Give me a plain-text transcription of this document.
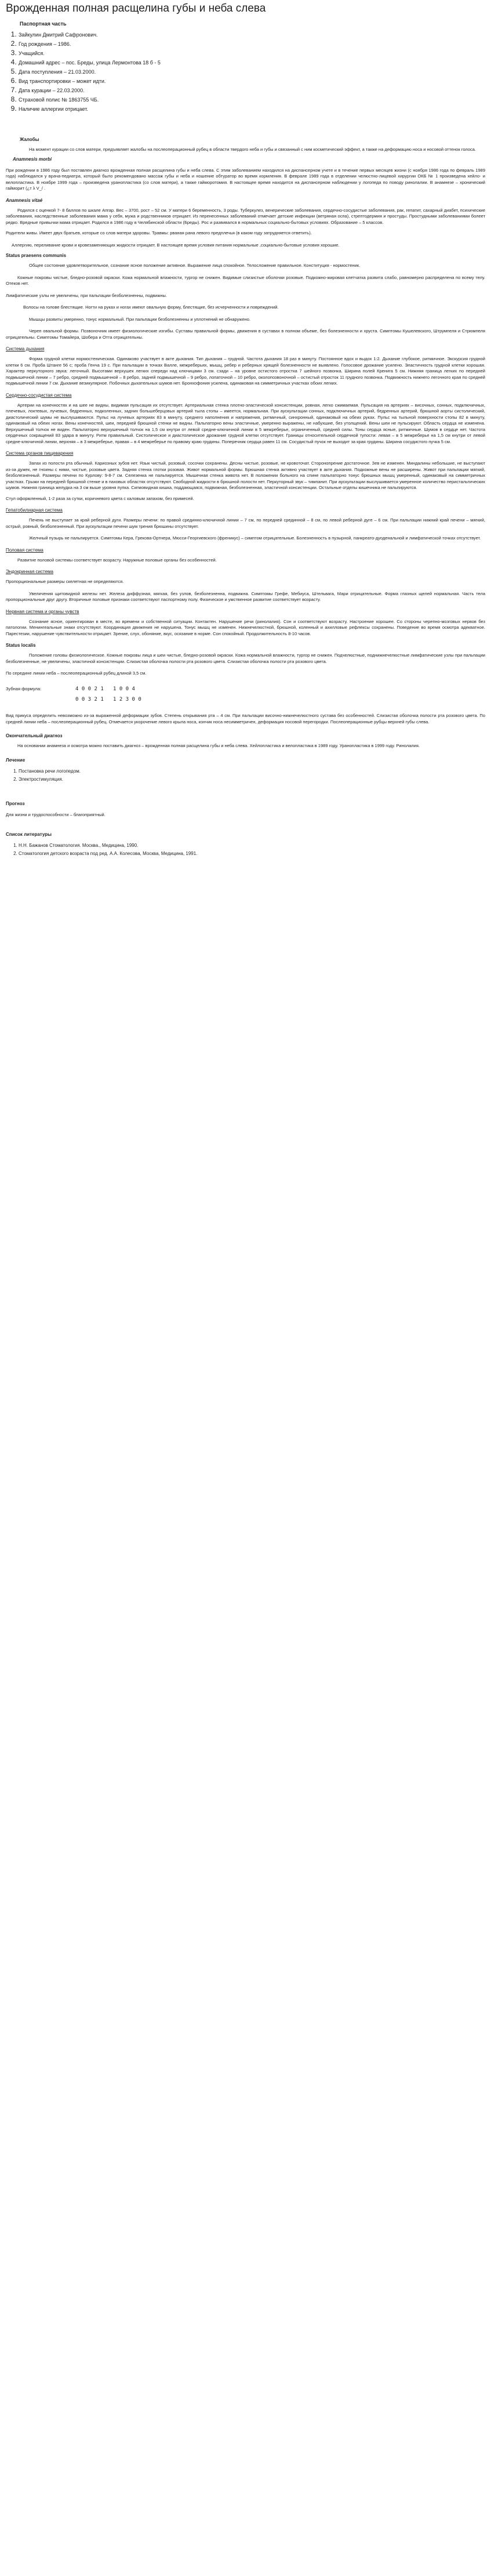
Врожденная полная расщелина губы и неба слева
Паспортная часть
1. Зайкулин Дмитрий Сафронович.
2. Год рождения – 1986.
3. Учащийся.
4. Домашний адрес – пос. Бреды, улица Лермонтова 18 б - 5
5. Дата поступления – 21.03.2000.
6. Вид транспортировки – может идти.
7. Дата курации – 22.03.2000.
8. Страховой полис № 1863755 ЧБ.
9. Наличие аллергии отрицает.
Жалобы

На момент курации со слов матери, предъявляет жалобы на послеоперационный рубец в области твердого неба и губы и связанный с ним косметический эффект, а также на деформацию носа и носовой оттенок голоса.

Anamnesis morbi

При рождении в 1986 году был поставлен диагноз врожденная полная расщелина губы и неба слева. С этим заболеванием находился на диспансерном учете и в течение первых месяцев жизни (с ноября 1986 года по февраль 1989 года) наблюдался у врача-педиатра, который было рекомендовано массаж губы и неба и ношение обтуратор во время кормления. В феврале 1989 года в отделении челюстно-лицевой хирургии ОКБ № 1 произведена хейло- и велопластика. В ноябре 1999 года – произведена уранопластика (со слов матери), а также гайморотомия. В настоящее время находится на диспансерном наблюдении у логопеда по поводу ринолалии. В анамнезе – хронический гайморит (¿т λ V_/ .

Anamnesis vitaé

Родился с оценкой 7- 8 баллов по шкале Апгар. Вес – 3700, рост – 52 см. У матери 6 беременность, 3 роды. Туберкулез, венерические заболевания, сердечно-сосудистые заболевания, рак, гепатит, сахарный диабет, психические заболевания, наследственные заболевания мама у себя, мужа и родственников отрицает. Из перенесенных заболеваний отмечает детские инфекции (ветряная оспа), стрептодермия и простуды. Простудными заболеваниями болеет редко. Вредные привычки мама отрицает. Родился в 1986 году в Челябинской области (Бреды). Рос и развивался в нормальных социально-бытовых условиях. Образование – 5 классов.

Родители живы. Имеет двух братьев, которые со слов матери здоровы. Травмы: рваная рана левого предплечья (в каком году затрудняется ответить).

Аллергию, переливание крови и кровезаменяющих жидкости отрицает. В настоящее время условия питания нормальные ,социально-бытовые условия хорошие.

Status praesens communis

Общее состояние удовлетворительное, сознание ясное положение активное. Выражение лица спокойное. Телосложение правильное. Конституция - нормостеник.

Кожные покровы чистые, бледно-розовой окраски. Кожа нормальной влажности, тургор не снижен. Видимые слизистые оболочки розовые. Подкожно-жировая клетчатка развита слабо, равномерно распределена по всему телу. Отеков нет.

Лимфатические узлы не увеличены, при пальпации безболезненны, подвижны.

Волосы на голове блестящие. Ногти на руках и ногах имеют овальную форму, блестящие, без исчерченности и повреждений.

Мышцы развиты умеренно, тонус нормальный. При пальпации безболезненны и уплотнений не обнаружено.

Череп овальной формы. Позвоночник имеет физиологические изгибы. Суставы правильной формы, движения в суставах в полном объеме, без болезненности и хруста. Симптомы Кушелевского, Штрумпеля и Стрюмпеля отрицательны. Симптомы Томайера, Шобера и Отта отрицательны.

Система дыхания

Форма грудной клетки нормостеническая. Одинаково участвует в акте дыхания. Тип дыхания – грудной. Частота дыхания 18 раз в минуту. Постоянное вдох и выдох 1:2. Дыхание глубокое, ритмичное. Экскурсия грудной клетки 6 см. Проба Штанге 56 с; проба Генча 19 с. При пальпации в точках Валле, межреберьях, мышц, ребер и реберных хрящей болезненности не выявлено. Голосовое дрожание усилено. Эластичность грудной клетки хорошая. Характер перкуторного звука: легочный. Высотами верхушек легких спереди над ключицами 3 см. сзади – на уровне остистого отростка 7 шейного позвонка. Ширина полей Кренига 5 см. Нижняя граница легких по передней подмышечной линии – 7 ребро, средней подмышечной – 8 ребро, задней подмышечной – 9 ребро, лопаточной – 10 ребро, околопозвоночной – остистый отросток 11 грудного позвонка. Подвижность нижнего легочного края по средней подмышечной линии 7 см. Дыхание везикулярное. Побочных дыхательных шумов нет. Бронхофония усилена, одинаковая на симметричных участках обоих легких.

Сердечно-сосудистая система

Артерии на конечностях и на шее не видны, видимая пульсация их отсутствует. Артериальная стенка плотно-эластической консистенции, ровная, легко сжимаемая. Пульсация на артериях – височных, сонных, подключичных, плечевых, локтевых, лучевых, бедренных, подколенных, задних большеберцовых артерий тыла стопы – имеется, нормальная. При аускультации сонных, подключичных артерий, бедренных артерий, брюшной аорты систолический, диастолический шумы не выслушиваются. Пульс на лучевых артериях 83 в минуту, среднего наполнения и напряжения, ритмичный, синхронный, одинаковый на обеих руках. Пульс на тыльной поверхности стопы 82 в минуту, одинаковый на обеих ногах. Вены конечностей, шеи, передней брюшной стенки не видны. Пальпаторно вены эластичные, умеренно выражены, не набухшие, без утолщений. Вены шеи не пульсируют. Область сердца не изменена. Верхушечный толчок не виден. Пальпаторно верхушечный толчок на 1,5 см кнутри от левой средне-ключичной линии в 5 межреберье, ограниченный, средней силы. Тоны сердца ясные, ритмичные. Шумов в сердце нет. Частота сердечных сокращений 83 удара в минуту. Ритм правильный. Систолическое и диастолическое дрожание грудной клетки отсутствует. Границы относительной сердечной тупости: левая – в 5 межреберье на 1,5 см кнутри от левой средне-ключичной линии, верхняя – в 3 межреберье, правая – в 4 межреберье по правому краю грудины. Поперечник сердца равен 11 см. Сосудистый пучок не выходит за края грудины. Ширина сосудистого пучка 5 см.

Система органов пищеварения

Запах из полости рта обычный. Кариозных зубов нет. Язык чистый, розовый, сосочки сохранены. Десны чистые, розовые, не кровоточат. Сторонопрение достаточное. Зев не изменен. Миндалины небольшие, не выступают из-за дужек, не гноины с ними, чистые, розовые цвета. Задняя стенка глотки розовая. Живот нормальной формы. Брюшная стенка активно участвует в акте дыхания. Подкожные вены не расширены. Живот при пальпации мягкий, безболезненный. Размеры печени по Курлову: 9-8-7 см. Селезенка не пальпируется. Мышечная стенка живота нет. В положении больного на спине пальпаторно тонус брюшных мышц умеренный, одинаковый на симметричных участках. Грыжи на передней брюшной стенке и в паховых областях отсутствуют. Свободной жидкости в брюшной полости нет. Перкуторный звук – тимпанит. При аускультации выслушивается умеренное количество перистальтических шумов. Нижняя граница желудка на 3 см выше уровня пупка. Сигмовидная кишка, поддающаяся, подвижная, безболезненная, эластичной консистенции. Остальные отделы кишечника не пальпируются.

Стул оформленный, 1-2 раза за сутки, коричневого цвета с каловым запахом, без примесей.

Гепатобилиарная система

Печень не выступает за край реберной дуги. Размеры печени: по правой срединно-ключичной линии – 7 см, по передней срединной – 8 см, по левой реберной дуге – 6 см. При пальпации нижний край печени – мягкий, острый, ровный, безболезненный. При аускультации печени шум трения брюшины отсутствует.

Желчный пузырь не пальпируется. Симптомы Керa, Грекова-Ортнера, Мюсси-Георгиевского (френикус) – симптом отрицательные. Болезненность в пузырной, панкреато-дуоденальной и лимфатической точках отсутствует.

Половая система

Развитие половой системы соответствует возрасту. Наружные половые органы без особенностей.

Эндокринная система

Пропорциональные размеры скелетная не определяются.

Увеличения щитовидной железы нет. Железа диффузная, мягкая, без узлов, безболезненна, подвижна. Симптомы Грефе, Мебиуса, Штельвага, Мари отрицательные. Форма глазных щелей нормальная. Часть тела пропорциональные друг другу. Вторичные половые признаки соответствуют паспортному полу. Физическое и умственное развитие соответствует возрасту.

Нервная система и органы чувств

Сознание ясное, ориентирован в месте, во времени и собственной ситуации. Контактен. Нарушение речи (ринолалия). Сон и соответствуют возрасту. Настроение хорошее. Со стороны черепно-мозговых нервов без патологии. Менингеальные знаки отсутствуют. Координация движения не нарушена. Тонус мышц не изменен. Нижнечелюстной, брюшной, коленный и ахилловые рефлексы сохранены. Поведение во время осмотра адекватное. Парестезии, нарушение чувствительности отрицает. Зрение, слух, обоняние, вкус, осязание в норме. Сон спокойный. Продолжительность 8-10 часов.

Status localis

Положение головы физиологическое. Кожные покровы лица и шеи чистые, бледно-розовой окраски. Кожа нормальной влажности, тургор не снижен. Подчелюстные, поднижнечелюстные лимфатические узлы при пальпации безболезненные, не увеличены, эластичной консистенции. Слизистая оболочка полости рта розового цвета. Слизистая оболочка полости рта розового цвета.

По середине линии неба – послеоперационный рубец длиной 3,5 см.

Зубная формула:	4 0 0 2 1   1 0 0 4
0 0 3 2 1   1 2 3 0 0

Вид прикуса определить невозможно из-за выраженной деформации зубов. Степень открывания рта – 4 см. При пальпации височно-нижнечелюстного сустава без особенностей. Слизистая оболочка полости рта розового цвета. По средней линии неба – послеоперационный рубец. Отмечается укорочение левого крыла носа, кончик носа несимметричен, деформация носовой перегородки. Послеоперационные рубцы верхней губы слева.

Окончательный диагноз

На основании анамнеза и осмотра можно поставить диагноз – врожденная полная расщелина губы и неба слева. Хейлопластика и велопластика в 1989 году. Уранопластика в 1999 году. Ринолалия.

Лечение
1. Постановка речи логопедом.
2. Электростимуляция.
Прогноз

Для жизни и трудоспособности – благоприятный.

Список литературы
1. Н.Н. Бажанов Стоматология. Москва., Медицина, 1990.
2. Стоматология детского возраста под ред. А.А. Колесова, Москва, Медицина, 1991.
